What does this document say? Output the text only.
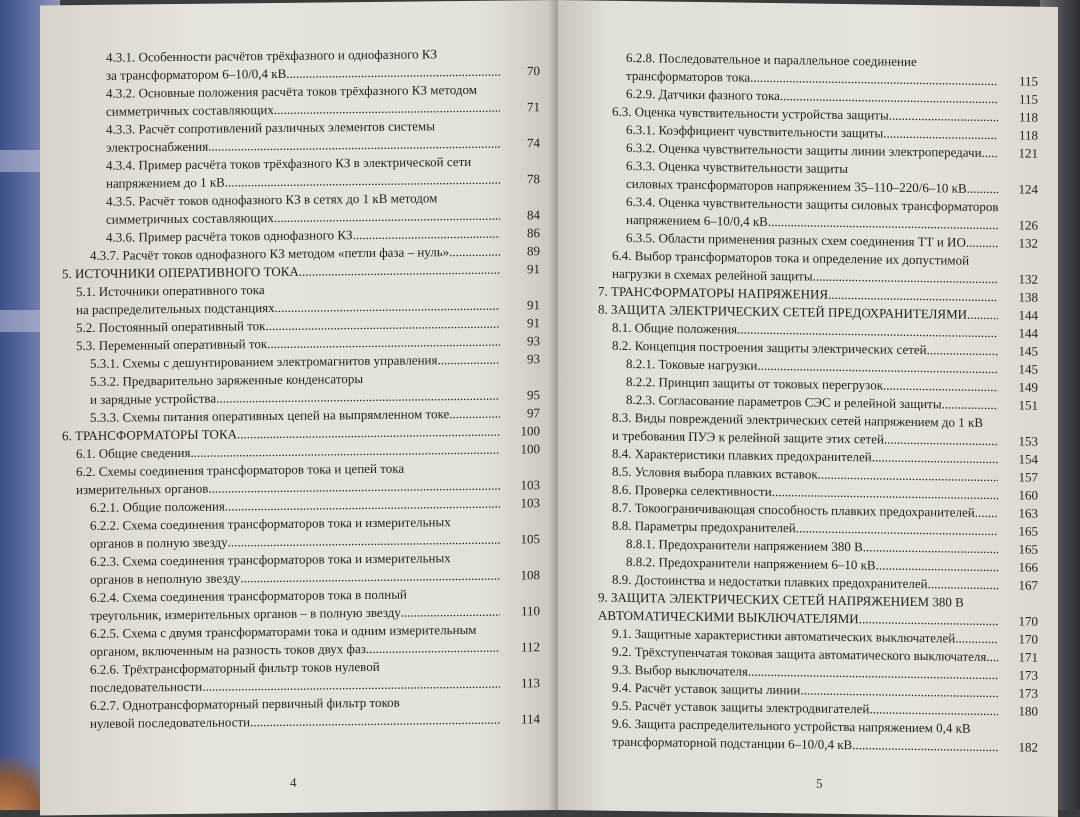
4.3.1. Особенности расчётов трёхфазного и однофазного КЗ
за трансформатором 6–10/0,4 кВ .....	70
4.3.2. Основные положения расчёта токов трёхфазного КЗ методом
симметричных составляющих .....	71
4.3.3. Расчёт сопротивлений различных элементов системы
электроснабжения .....	74
4.3.4. Пример расчёта токов трёхфазного КЗ в электрической сети
напряжением до 1 кВ .....	78
4.3.5. Расчёт токов однофазного КЗ в сетях до 1 кВ методом
симметричных составляющих .....	84
4.3.6. Пример расчёта токов однофазного КЗ .....	86
4.3.7. Расчёт токов однофазного КЗ методом «петли фаза – нуль» .....	89
5. ИСТОЧНИКИ ОПЕРАТИВНОГО ТОКА .....	91
5.1. Источники оперативного тока
на распределительных подстанциях .....	91
5.2. Постоянный оперативный ток .....	91
5.3. Переменный оперативный ток .....	93
5.3.1. Схемы с дешунтированием электромагнитов управления .....	93
5.3.2. Предварительно заряженные конденсаторы
и зарядные устройства .....	95
5.3.3. Схемы питания оперативных цепей на выпрямленном токе .....	97
6. ТРАНСФОРМАТОРЫ ТОКА .....	100
6.1. Общие сведения .....	100
6.2. Схемы соединения трансформаторов тока и цепей тока
измерительных органов .....	103
6.2.1. Общие положения .....	103
6.2.2. Схема соединения трансформаторов тока и измерительных
органов в полную звезду .....	105
6.2.3. Схема соединения трансформаторов тока и измерительных
органов в неполную звезду .....	108
6.2.4. Схема соединения трансформаторов тока в полный
треугольник, измерительных органов – в полную звезду .....	110
6.2.5. Схема с двумя трансформаторами тока и одним измерительным
органом, включенным на разность токов двух фаз .....	112
6.2.6. Трёхтрансформаторный фильтр токов нулевой
последовательности .....	113
6.2.7. Однотрансформаторный первичный фильтр токов
нулевой последовательности .....	114
4
6.2.8. Последовательное и параллельное соединение
трансформаторов тока .....	115
6.2.9. Датчики фазного тока .....	115
6.3. Оценка чувствительности устройства защиты .....	118
6.3.1. Коэффициент чувствительности защиты .....	118
6.3.2. Оценка чувствительности защиты линии электропередачи .....	121
6.3.3. Оценка чувствительности защиты
силовых трансформаторов напряжением 35–110–220/6–10 кВ .....	124
6.3.4. Оценка чувствительности защиты силовых трансформаторов
напряжением 6–10/0,4 кВ .....	126
6.3.5. Области применения разных схем соединения ТТ и ИО .....	132
6.4. Выбор трансформаторов тока и определение их допустимой
нагрузки в схемах релейной защиты .....	132
7. ТРАНСФОРМАТОРЫ НАПРЯЖЕНИЯ .....	138
8. ЗАЩИТА ЭЛЕКТРИЧЕСКИХ СЕТЕЙ ПРЕДОХРАНИТЕЛЯМИ .....	144
8.1. Общие положения .....	144
8.2. Концепция построения защиты электрических сетей .....	145
8.2.1. Токовые нагрузки .....	145
8.2.2. Принцип защиты от токовых перегрузок .....	149
8.2.3. Согласование параметров СЭС и релейной защиты .....	151
8.3. Виды повреждений электрических сетей напряжением до 1 кВ
и требования ПУЭ к релейной защите этих сетей .....	153
8.4. Характеристики плавких предохранителей .....	154
8.5. Условия выбора плавких вставок .....	157
8.6. Проверка селективности .....	160
8.7. Токоограничивающая способность плавких предохранителей .....	163
8.8. Параметры предохранителей .....	165
8.8.1. Предохранители напряжением 380 В .....	165
8.8.2. Предохранители напряжением 6–10 кВ .....	166
8.9. Достоинства и недостатки плавких предохранителей .....	167
9. ЗАЩИТА ЭЛЕКТРИЧЕСКИХ СЕТЕЙ НАПРЯЖЕНИЕМ 380 В
АВТОМАТИЧЕСКИМИ ВЫКЛЮЧАТЕЛЯМИ .....	170
9.1. Защитные характеристики автоматических выключателей .....	170
9.2. Трёхступенчатая токовая защита автоматического выключателя .....	171
9.3. Выбор выключателя .....	173
9.4. Расчёт уставок защиты линии .....	173
9.5. Расчёт уставок защиты электродвигателей .....	180
9.6. Защита распределительного устройства напряжением 0,4 кВ
трансформаторной подстанции 6–10/0,4 кВ .....	182
5
